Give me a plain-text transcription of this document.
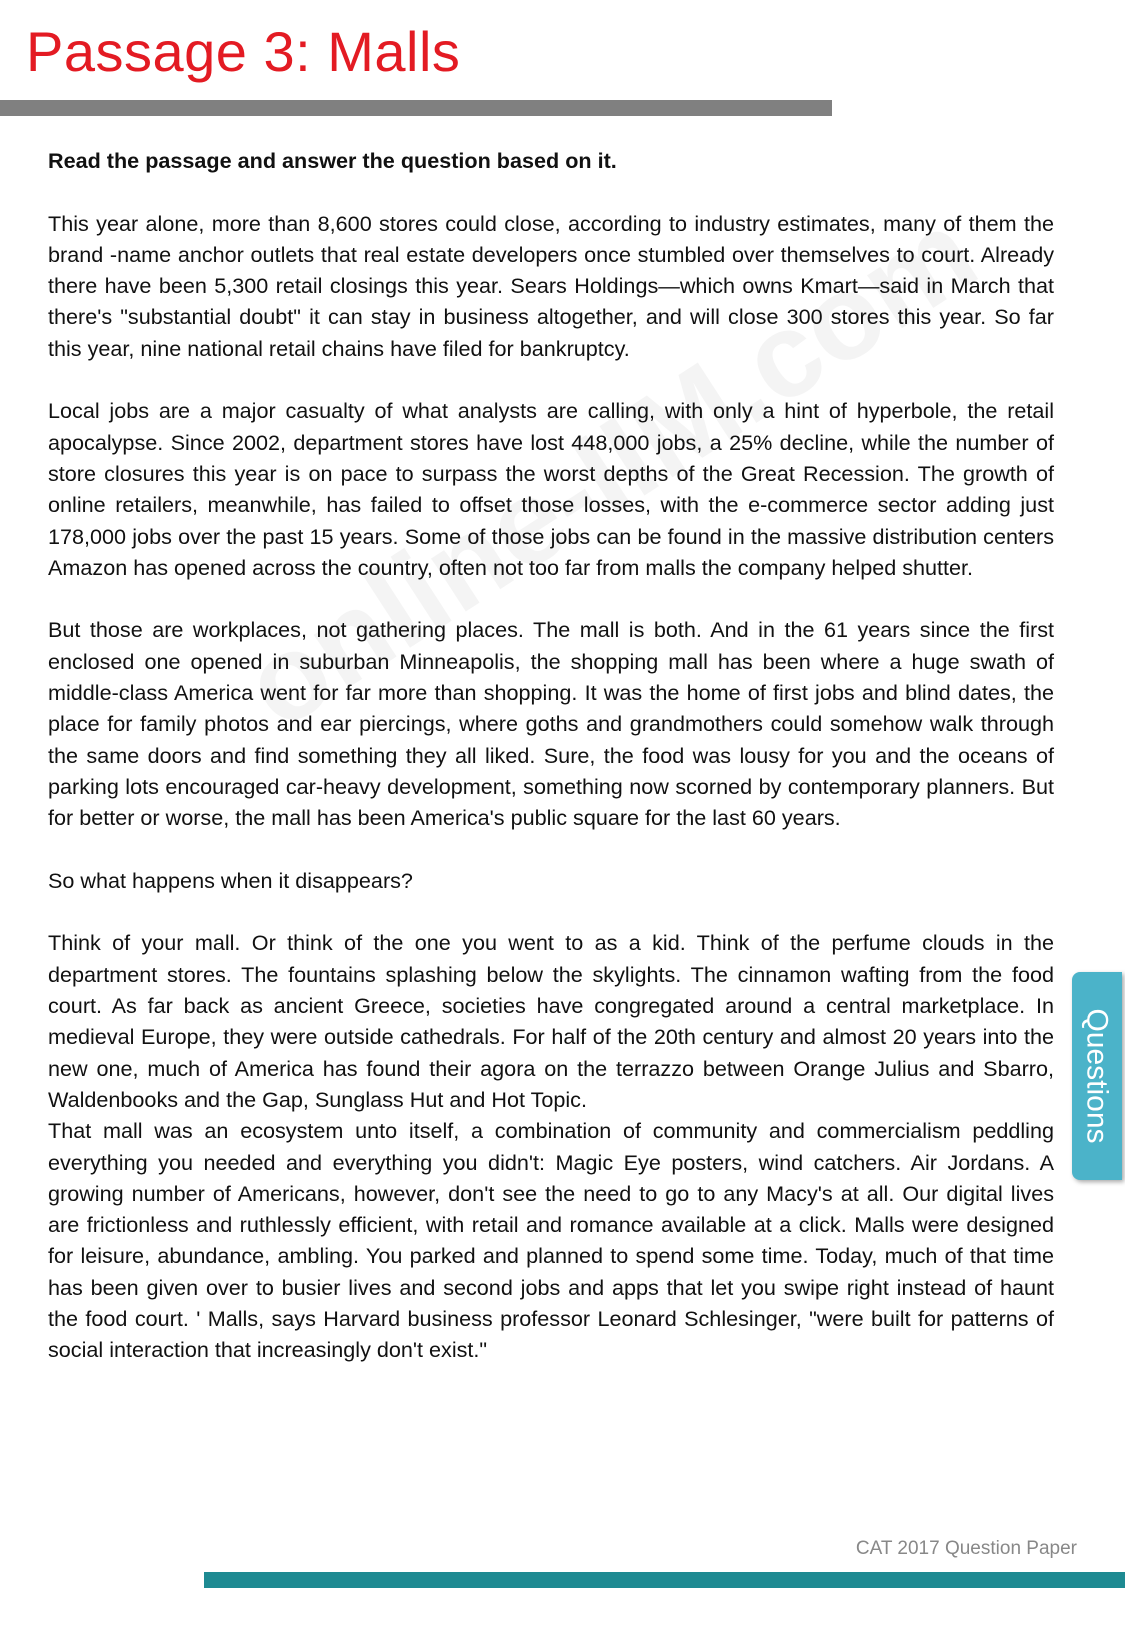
Passage 3: Malls

Read the passage and answer the question based on it.

This year alone, more than 8,600 stores could close, according to industry estimates, many of them the brand -name anchor outlets that real estate developers once stumbled over themselves to court. Already there have been 5,300 retail closings this year. Sears Holdings—which owns Kmart—said in March that there's "substantial doubt" it can stay in business altogether, and will close 300 stores this year. So far this year, nine national retail chains have filed for bankruptcy.

Local jobs are a major casualty of what analysts are calling, with only a hint of hyperbole, the retail apocalypse. Since 2002, department stores have lost 448,000 jobs, a 25% decline, while the number of store closures this year is on pace to surpass the worst depths of the Great Recession. The growth of online retailers, meanwhile, has failed to offset those losses, with the e-commerce sector adding just 178,000 jobs over the past 15 years. Some of those jobs can be found in the massive distribution centers Amazon has opened across the country, often not too far from malls the company helped shutter.

But those are workplaces, not gathering places. The mall is both. And in the 61 years since the first enclosed one opened in suburban Minneapolis, the shopping mall has been where a huge swath of middle-class America went for far more than shopping. It was the home of first jobs and blind dates, the place for family photos and ear piercings, where goths and grandmothers could somehow walk through the same doors and find something they all liked. Sure, the food was lousy for you and the oceans of parking lots encouraged car-heavy development, something now scorned by contemporary planners. But for better or worse, the mall has been America's public square for the last 60 years.

So what happens when it disappears?

Think of your mall. Or think of the one you went to as a kid. Think of the perfume clouds in the department stores. The fountains splashing below the skylights. The cinnamon wafting from the food court. As far back as ancient Greece, societies have congregated around a central marketplace. In medieval Europe, they were outside cathedrals. For half of the 20th century and almost 20 years into the new one, much of America has found their agora on the terrazzo between Orange Julius and Sbarro, Waldenbooks and the Gap, Sunglass Hut and Hot Topic.

That mall was an ecosystem unto itself, a combination of community and commercialism peddling everything you needed and everything you didn't: Magic Eye posters, wind catchers. Air Jordans. A growing number of Americans, however, don't see the need to go to any Macy's at all. Our digital lives are frictionless and ruthlessly efficient, with retail and romance available at a click. Malls were designed for leisure, abundance, ambling. You parked and planned to spend some time. Today, much of that time has been given over to busier lives and second jobs and apps that let you swipe right instead of haunt the food court. ' Malls, says Harvard business professor Leonard Schlesinger, "were built for patterns of social interaction that increasingly don't exist."

Questions
CAT 2017 Question Paper
